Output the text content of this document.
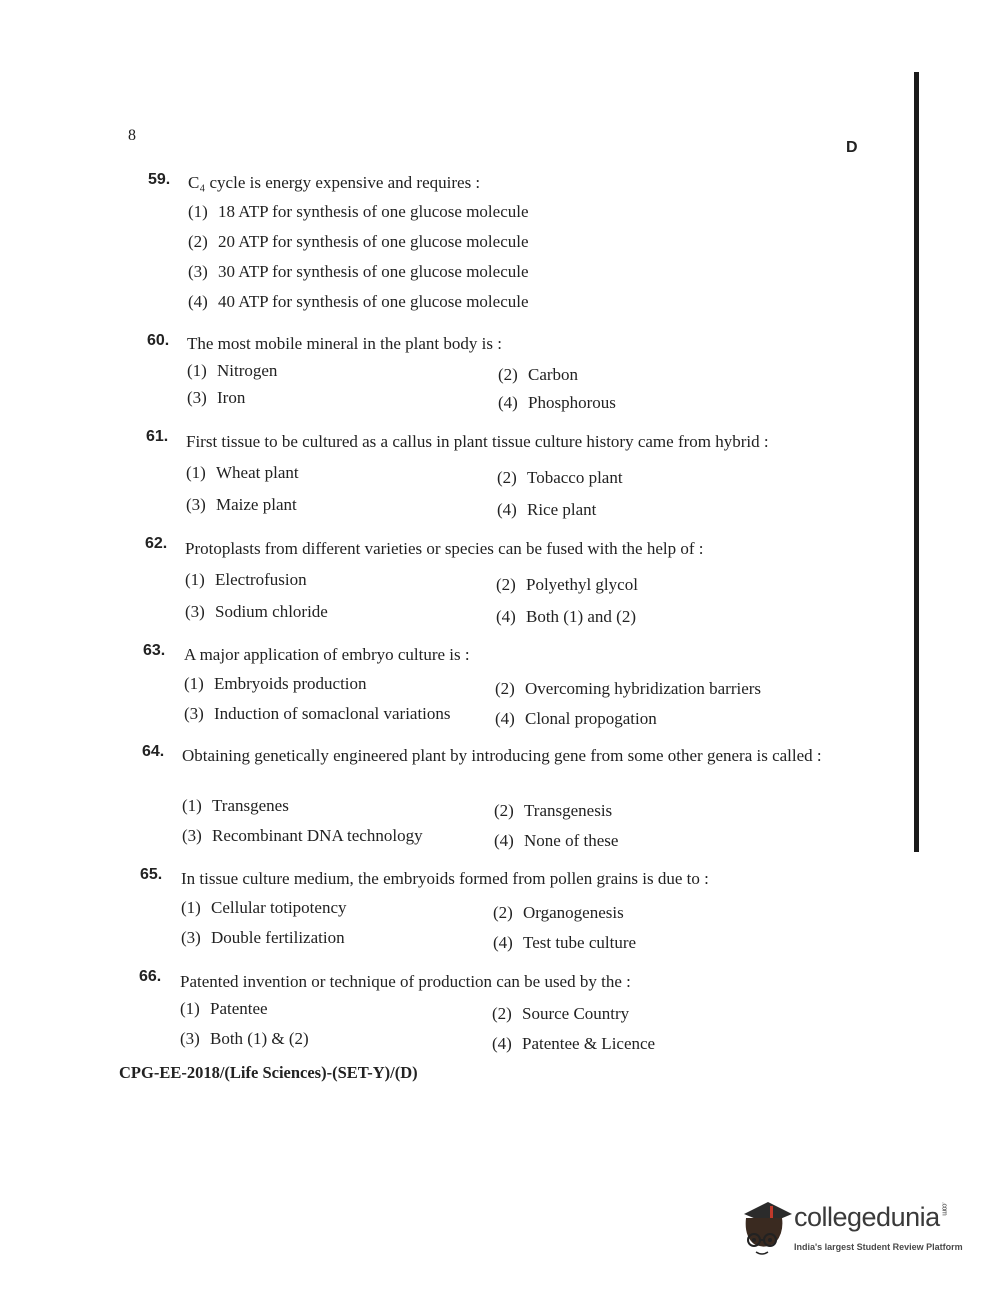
8
D
59. C₄ cycle is energy expensive and requires :
(1) 18 ATP for synthesis of one glucose molecule
(2) 20 ATP for synthesis of one glucose molecule
(3) 30 ATP for synthesis of one glucose molecule
(4) 40 ATP for synthesis of one glucose molecule
60. The most mobile mineral in the plant body is :
(1) Nitrogen	(2) Carbon
(3) Iron	(4) Phosphorous
61. First tissue to be cultured as a callus in plant tissue culture history came from hybrid :
(1) Wheat plant	(2) Tobacco plant
(3) Maize plant	(4) Rice plant
62. Protoplasts from different varieties or species can be fused with the help of :
(1) Electrofusion	(2) Polyethyl glycol
(3) Sodium chloride	(4) Both (1) and (2)
63. A major application of embryo culture is :
(1) Embryoids production	(2) Overcoming hybridization barriers
(3) Induction of somaclonal variations	(4) Clonal propogation
64. Obtaining genetically engineered plant by introducing gene from some other genera is called :
(1) Transgenes	(2) Transgenesis
(3) Recombinant DNA technology	(4) None of these
65. In tissue culture medium, the embryoids formed from pollen grains is due to :
(1) Cellular totipotency	(2) Organogenesis
(3) Double fertilization	(4) Test tube culture
66. Patented invention or technique of production can be used by the :
(1) Patentee	(2) Source Country
(3) Both (1) & (2)	(4) Patentee & Licence
CPG-EE-2018/(Life Sciences)-(SET-Y)/(D)
collegedunia.com
India's largest Student Review Platform
